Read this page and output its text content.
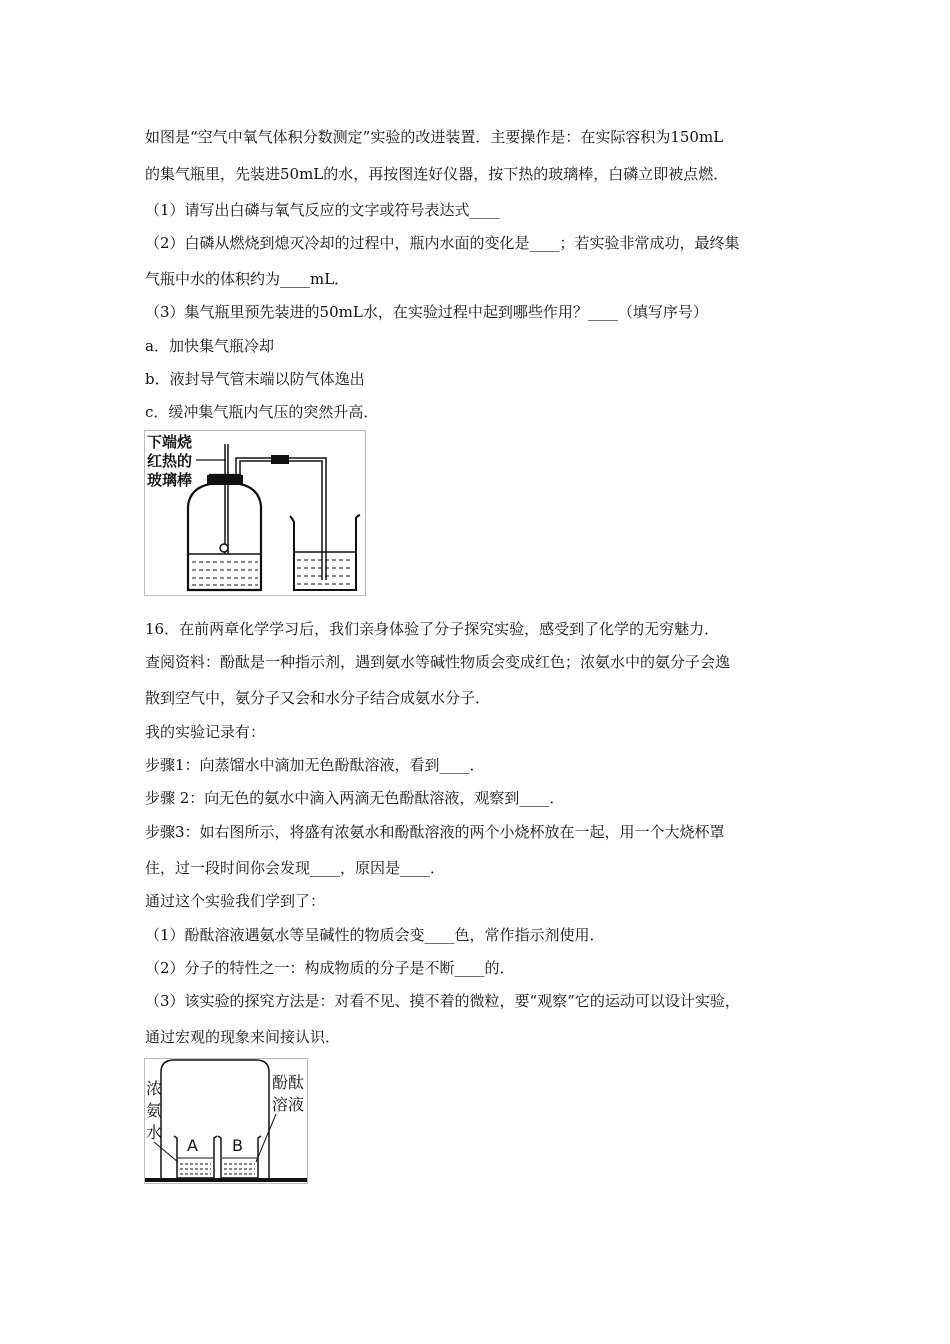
如图是“空气中氧气体积分数测定”实验的改进装置．主要操作是：在实际容积为150mL
的集气瓶里，先装进50mL的水，再按图连好仪器，按下热的玻璃棒，白磷立即被点燃．
（1）请写出白磷与氧气反应的文字或符号表达式____
（2）白磷从燃烧到熄灭冷却的过程中，瓶内水面的变化是____；若实验非常成功，最终集
气瓶中水的体积约为____mL．
（3）集气瓶里预先装进的50mL水，在实验过程中起到哪些作用？____（填写序号）
a．加快集气瓶冷却
b．液封导气管末端以防气体逸出
c．缓冲集气瓶内气压的突然升高．
下端烧
红热的
玻璃棒
16．在前两章化学学习后，我们亲身体验了分子探究实验，感受到了化学的无穷魅力．
查阅资料：酚酞是一种指示剂，遇到氨水等碱性物质会变成红色；浓氨水中的氨分子会逸
散到空气中，氨分子又会和水分子结合成氨水分子．
我的实验记录有：
步骤1：向蒸馏水中滴加无色酚酞溶液，看到____．
步骤 2：向无色的氨水中滴入两滴无色酚酞溶液，观察到____．
步骤3：如右图所示，将盛有浓氨水和酚酞溶液的两个小烧杯放在一起，用一个大烧杯罩
住，过一段时间你会发现____，原因是____．
通过这个实验我们学到了：
（1）酚酞溶液遇氨水等呈碱性的物质会变____色，常作指示剂使用．
（2）分子的特性之一：构成物质的分子是不断____的．
（3）该实验的探究方法是：对看不见、摸不着的微粒，要“观察”它的运动可以设计实验，
通过宏观的现象来间接认识．
浓
氨
水
酚酞
溶液
A B
